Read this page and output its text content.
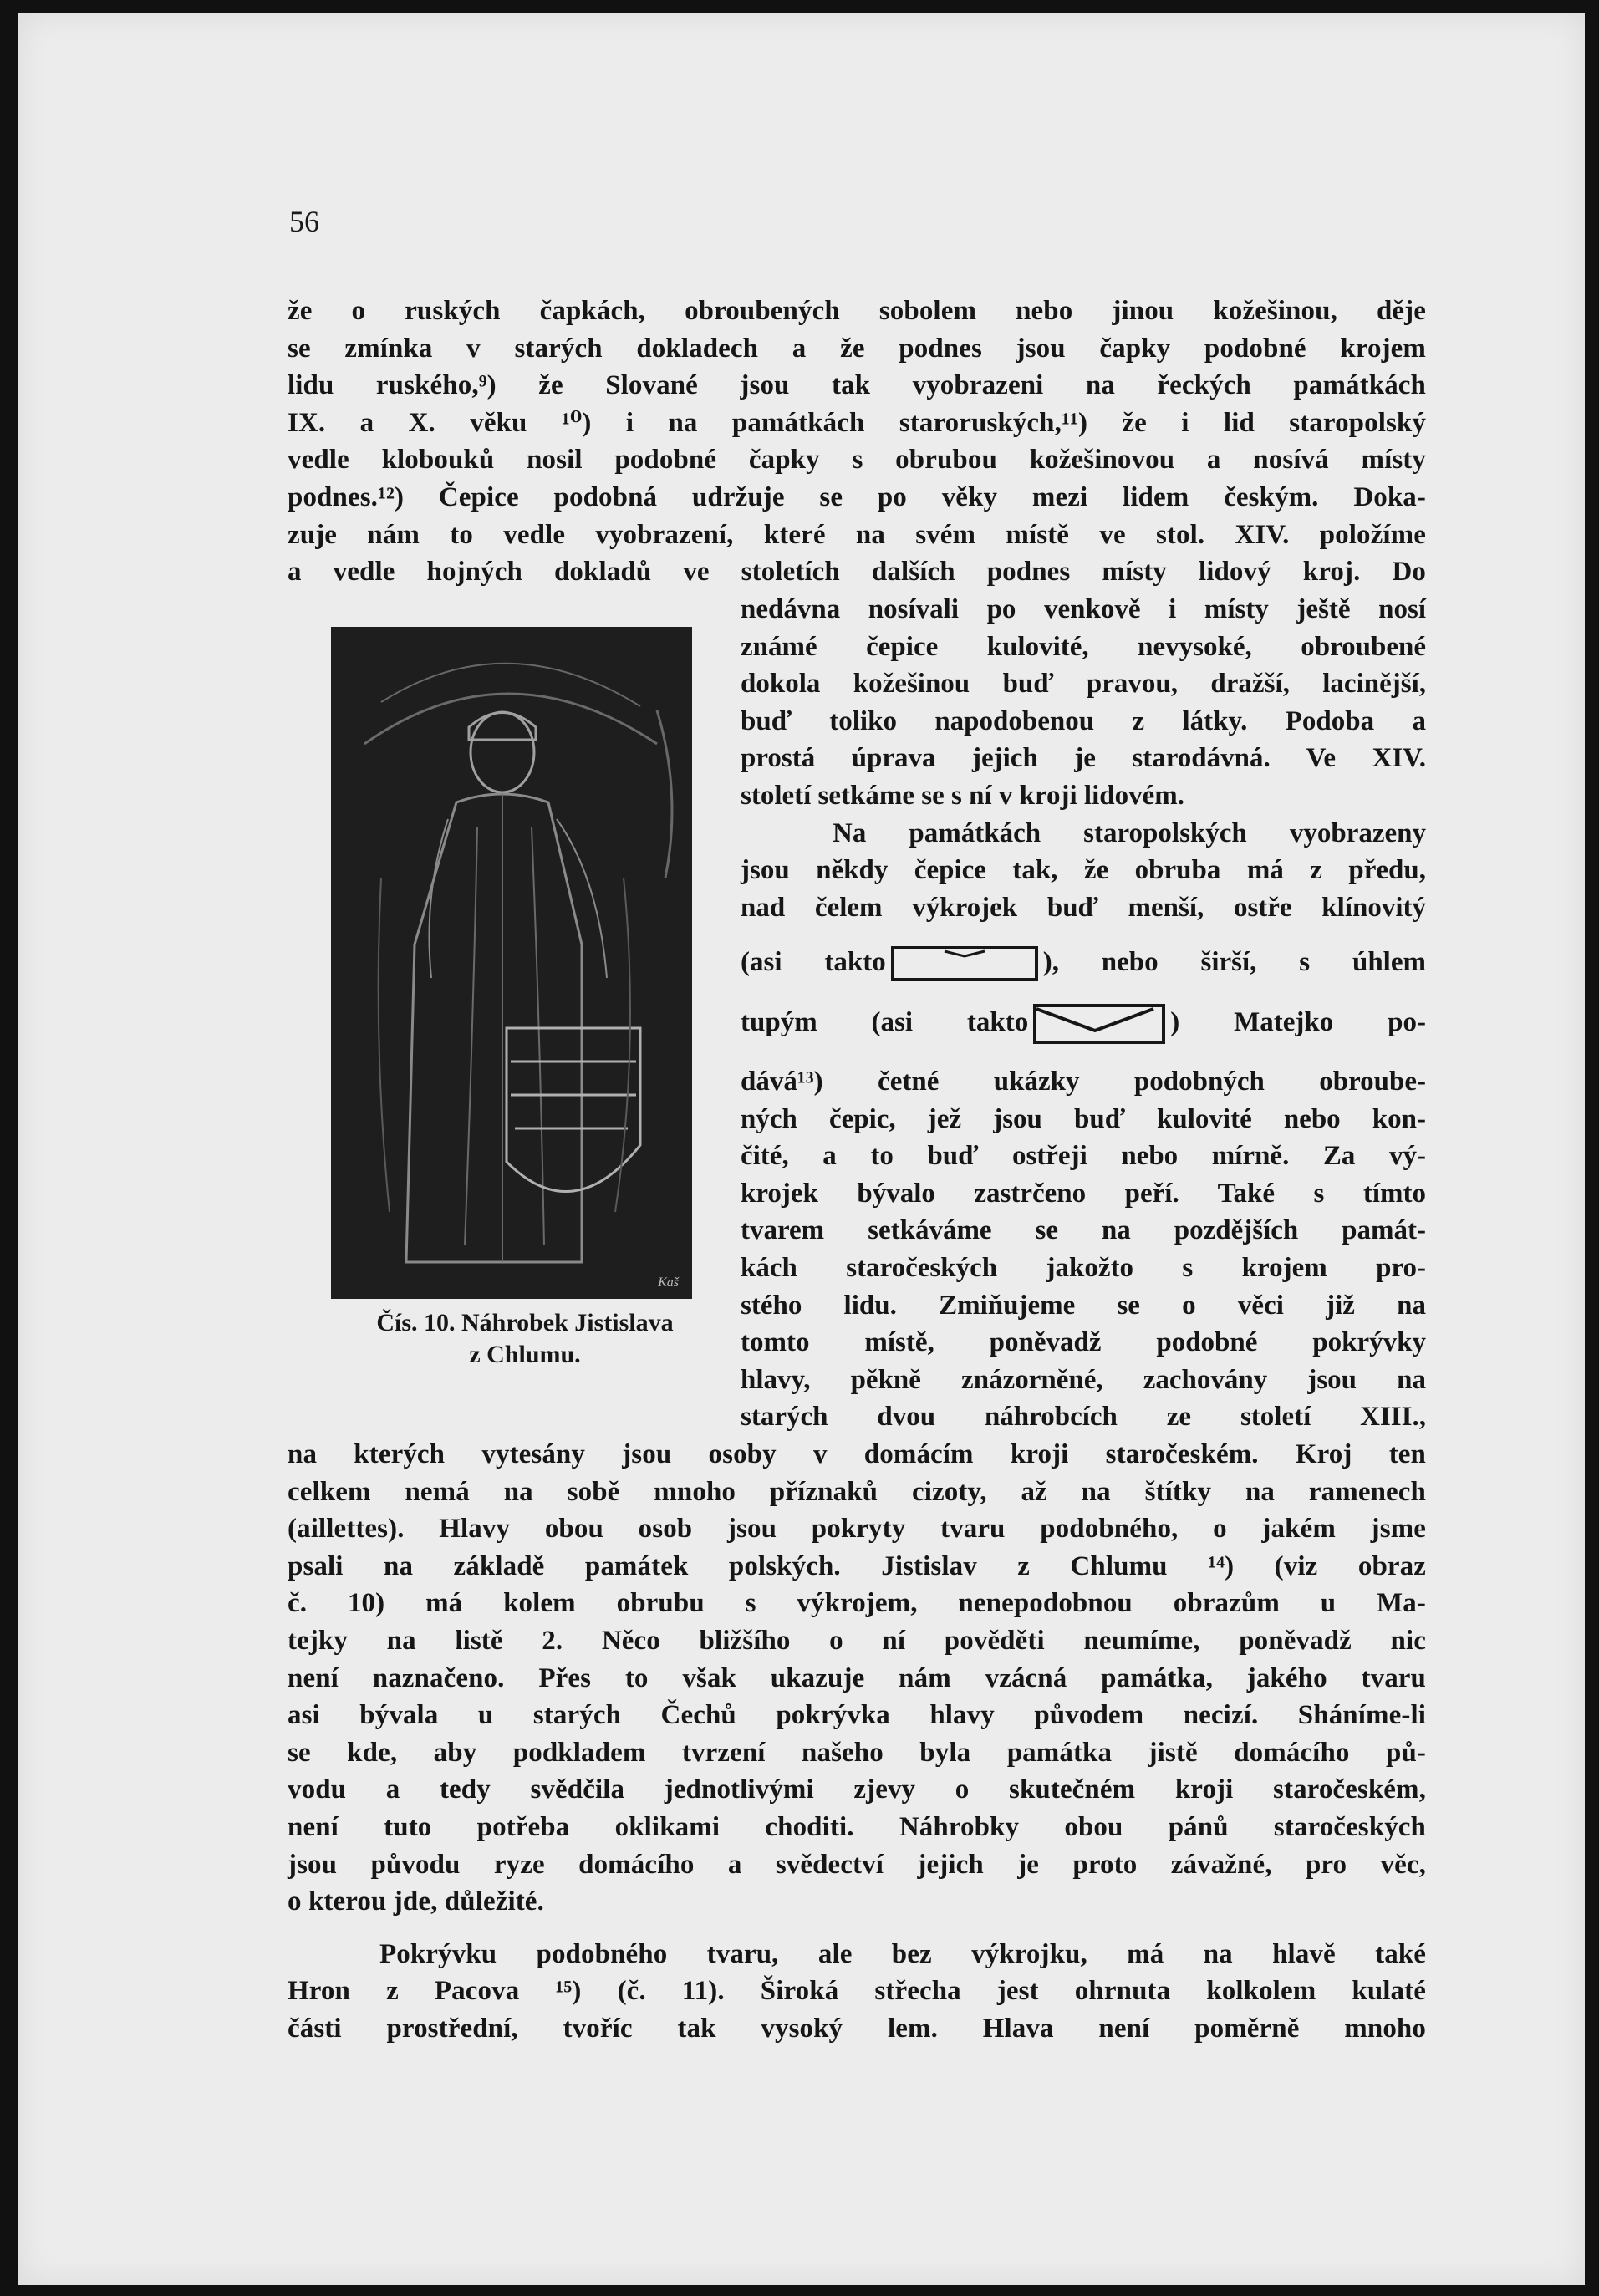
56
že o ruských čapkách, obroubených sobolem nebo jinou kožešinou, děje
se zmínka v starých dokladech a že podnes jsou čapky podobné krojem
lidu ruského,⁹) že Slované jsou tak vyobrazeni na řeckých památkách
IX. a X. věku ¹⁰) i na památkách staroruských,¹¹) že i lid staropolský
vedle klobouků nosil podobné čapky s obrubou kožešinovou a nosívá místy
podnes.¹²) Čepice podobná udržuje se po věky mezi lidem českým. Doka-
zuje nám to vedle vyobrazení, které na svém místě ve stol. XIV. položíme
a vedle hojných dokladů ve stoletích dalších podnes místy lidový kroj. Do
nedávna nosívali po venkově i místy ještě nosí
známé čepice kulovité, nevysoké, obroubené
dokola kožešinou buď pravou, dražší, lacinější,
buď toliko napodobenou z látky. Podoba a
prostá úprava jejich je starodávná. Ve XIV.
století setkáme se s ní v kroji lidovém.
Na památkách staropolských vyobrazeny
jsou někdy čepice tak, že obruba má z předu,
nad čelem výkrojek buď menší, ostře klínovitý
(asi takto	), nebo širší, s úhlem
tupým (asi takto	) Matejko po-
dává¹³) četné ukázky podobných obroube-
ných čepic, jež jsou buď kulovité nebo kon-
čité, a to buď ostřeji nebo mírně. Za vý-
krojek bývalo zastrčeno peří. Také s tímto
tvarem setkáváme se na pozdějších památ-
kách staročeských jakožto s krojem pro-
stého lidu. Zmiňujeme se o věci již na
tomto místě, poněvadž podobné pokrývky
hlavy, pěkně znázorněné, zachovány jsou na
starých dvou náhrobcích ze století XIII.,
Kaš
Čís. 10. Náhrobek Jistislava
z Chlumu.
na kterých vytesány jsou osoby v domácím kroji staročeském. Kroj ten
celkem nemá na sobě mnoho příznaků cizoty, až na štítky na ramenech
(aillettes). Hlavy obou osob jsou pokryty tvaru podobného, o jakém jsme
psali na základě památek polských. Jistislav z Chlumu ¹⁴) (viz obraz
č. 10) má kolem obrubu s výkrojem, nenepodobnou obrazům u Ma-
tejky na listě 2. Něco bližšího o ní pověděti neumíme, poněvadž nic
není naznačeno. Přes to však ukazuje nám vzácná památka, jakého tvaru
asi bývala u starých Čechů pokrývka hlavy původem necizí. Sháníme-li
se kde, aby podkladem tvrzení našeho byla památka jistě domácího pů-
vodu a tedy svědčila jednotlivými zjevy o skutečném kroji staročeském,
není tuto potřeba oklikami choditi. Náhrobky obou pánů staročeských
jsou původu ryze domácího a svědectví jejich je proto závažné, pro věc,
o kterou jde, důležité.
Pokrývku podobného tvaru, ale bez výkrojku, má na hlavě také
Hron z Pacova ¹⁵) (č. 11). Široká střecha jest ohrnuta kolkolem kulaté
části prostřední, tvoříc tak vysoký lem. Hlava není poměrně mnoho
